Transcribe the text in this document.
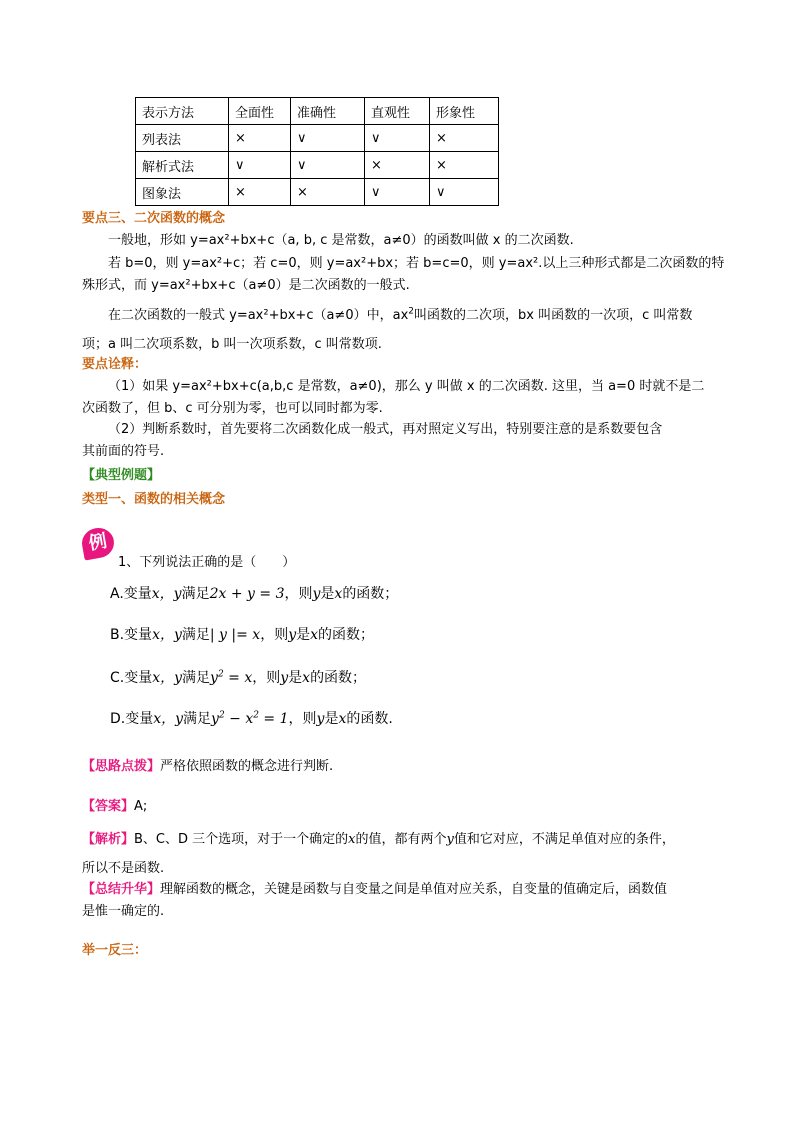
表示方法	全面性	准确性	直观性	形象性
列表法	×	∨	∨	×
解析式法	∨	∨	×	×
图象法	×	×	∨	∨
要点三、二次函数的概念
一般地，形如 y=ax²+bx+c（a, b, c 是常数，a≠0）的函数叫做 x 的二次函数.
若 b=0，则 y=ax²+c；若 c=0，则 y=ax²+bx；若 b=c=0，则 y=ax².以上三种形式都是二次函数的特
殊形式，而 y=ax²+bx+c（a≠0）是二次函数的一般式.
在二次函数的一般式 y=ax²+bx+c（a≠0）中，$ax^2$叫函数的二次项，bx 叫函数的一次项，c 叫常数
项；a 叫二次项系数，b 叫一次项系数，c 叫常数项.
要点诠释：
（1）如果 y=ax²+bx+c(a,b,c 是常数，a≠0)，那么 y 叫做 x 的二次函数. 这里，当 a=0 时就不是二
次函数了，但 b、c 可分别为零，也可以同时都为零.
（2）判断系数时，首先要将二次函数化成一般式，再对照定义写出，特别要注意的是系数要包含
其前面的符号.
【典型例题】
类型一、函数的相关概念
例
1、下列说法正确的是（　　）
A.变量x，y满足2x + y = 3，则y是x的函数；
B.变量x，y满足| y |= x，则y是x的函数；
C.变量x，y满足$y^2 = x$，则y是x的函数；
D.变量x，y满足$y^2 - x^2 = 1$，则y是x的函数.
【思路点拨】严格依照函数的概念进行判断.
【答案】A;
【解析】B、C、D 三个选项，对于一个确定的x的值，都有两个y值和它对应，不满足单值对应的条件，
所以不是函数.
【总结升华】理解函数的概念，关键是函数与自变量之间是单值对应关系，自变量的值确定后，函数值
是惟一确定的.
举一反三：
